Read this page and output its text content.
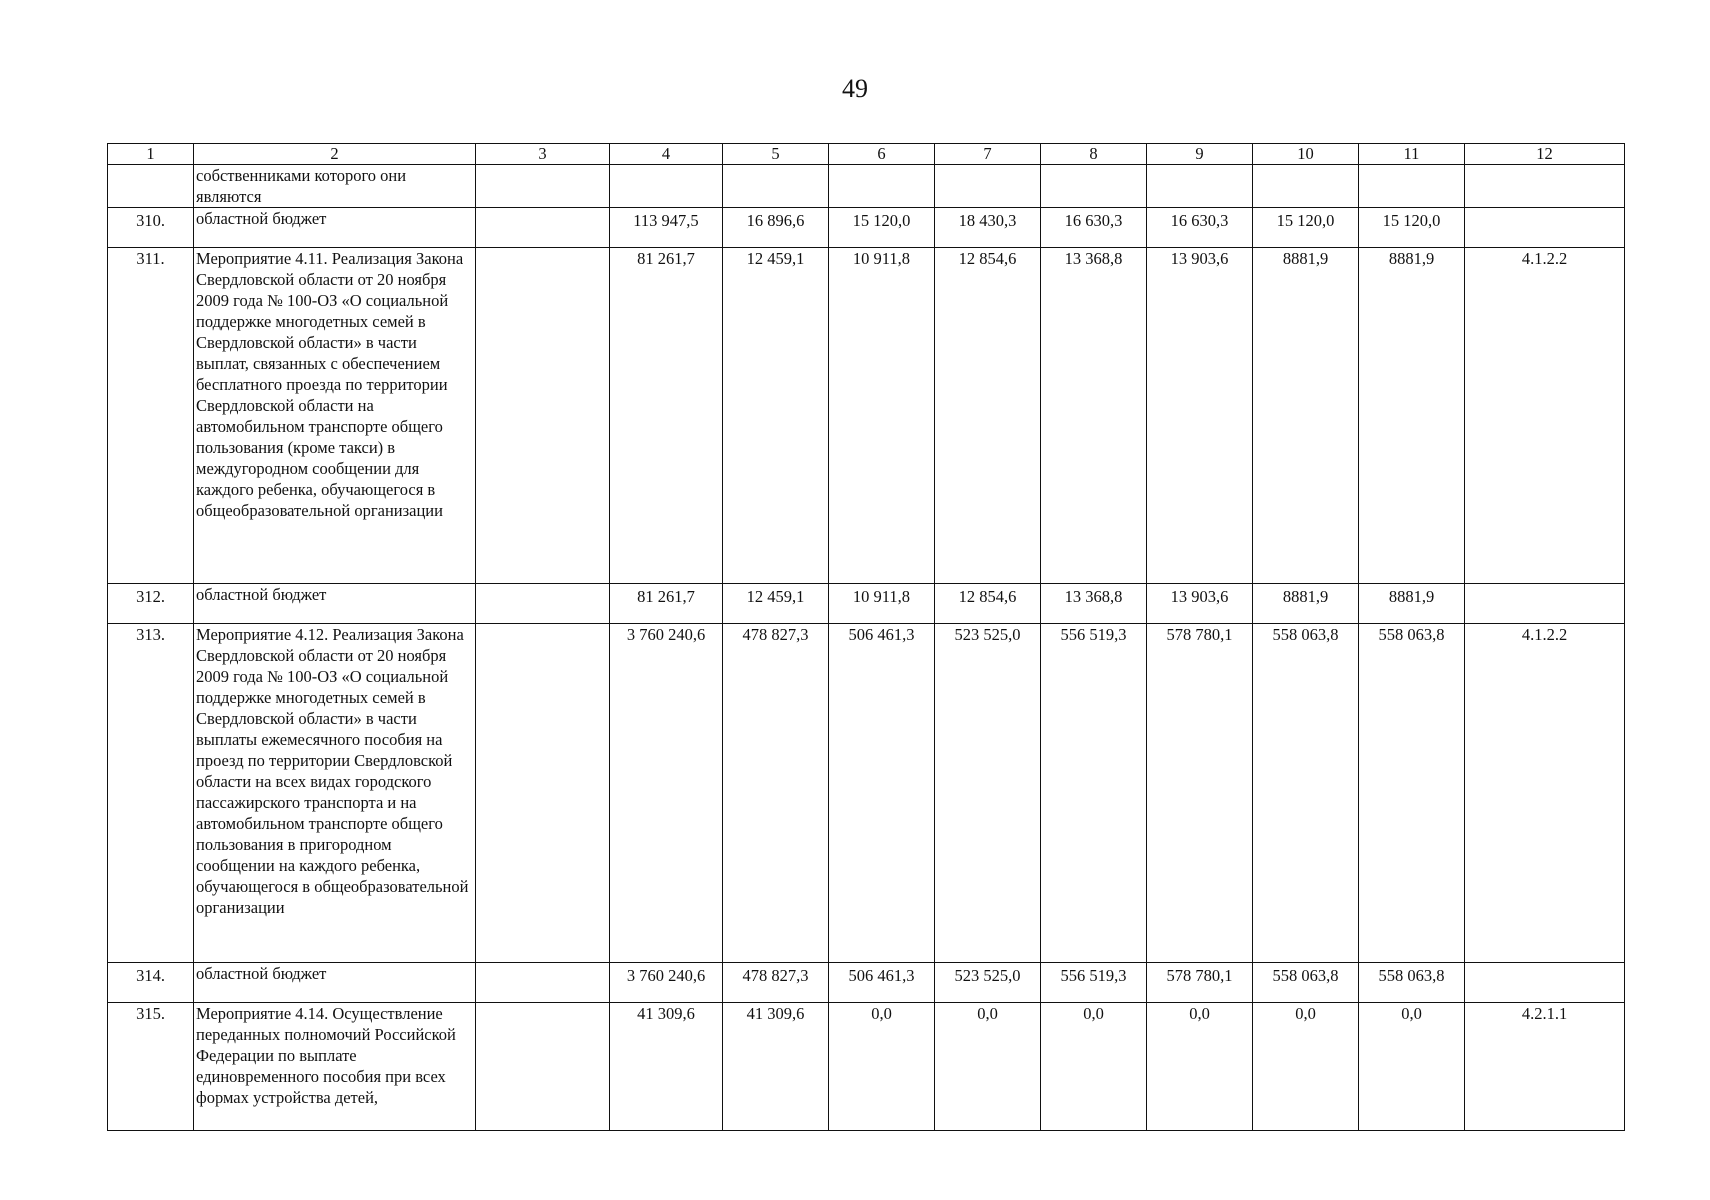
49
1	2	3	4	5	6	7	8	9	10	11	12
	собственниками которого они являются										
310.	областной бюджет		113 947,5	16 896,6	15 120,0	18 430,3	16 630,3	16 630,3	15 120,0	15 120,0	
311.	Мероприятие 4.11. Реализация Закона Свердловской области от 20 ноября 2009 года № 100-ОЗ «О социальной поддержке многодетных семей в Свердловской области» в части выплат, связанных с обеспечением бесплатного проезда по территории Свердловской области на автомобильном транспорте общего пользования (кроме такси) в междугородном сообщении для каждого ребенка, обучающегося в общеобразовательной организации		81 261,7	12 459,1	10 911,8	12 854,6	13 368,8	13 903,6	8881,9	8881,9	4.1.2.2
312.	областной бюджет		81 261,7	12 459,1	10 911,8	12 854,6	13 368,8	13 903,6	8881,9	8881,9	
313.	Мероприятие 4.12. Реализация Закона Свердловской области от 20 ноября 2009 года № 100-ОЗ «О социальной поддержке многодетных семей в Свердловской области» в части выплаты ежемесячного пособия на проезд по территории Свердловской области на всех видах городского пассажирского транспорта и на автомобильном транспорте общего пользования в пригородном сообщении на каждого ребенка, обучающегося в общеобразовательной организации		3 760 240,6	478 827,3	506 461,3	523 525,0	556 519,3	578 780,1	558 063,8	558 063,8	4.1.2.2
314.	областной бюджет		3 760 240,6	478 827,3	506 461,3	523 525,0	556 519,3	578 780,1	558 063,8	558 063,8	
315.	Мероприятие 4.14. Осуществление переданных полномочий Российской Федерации по выплате единовременного пособия при всех формах устройства детей,		41 309,6	41 309,6	0,0	0,0	0,0	0,0	0,0	0,0	4.2.1.1
